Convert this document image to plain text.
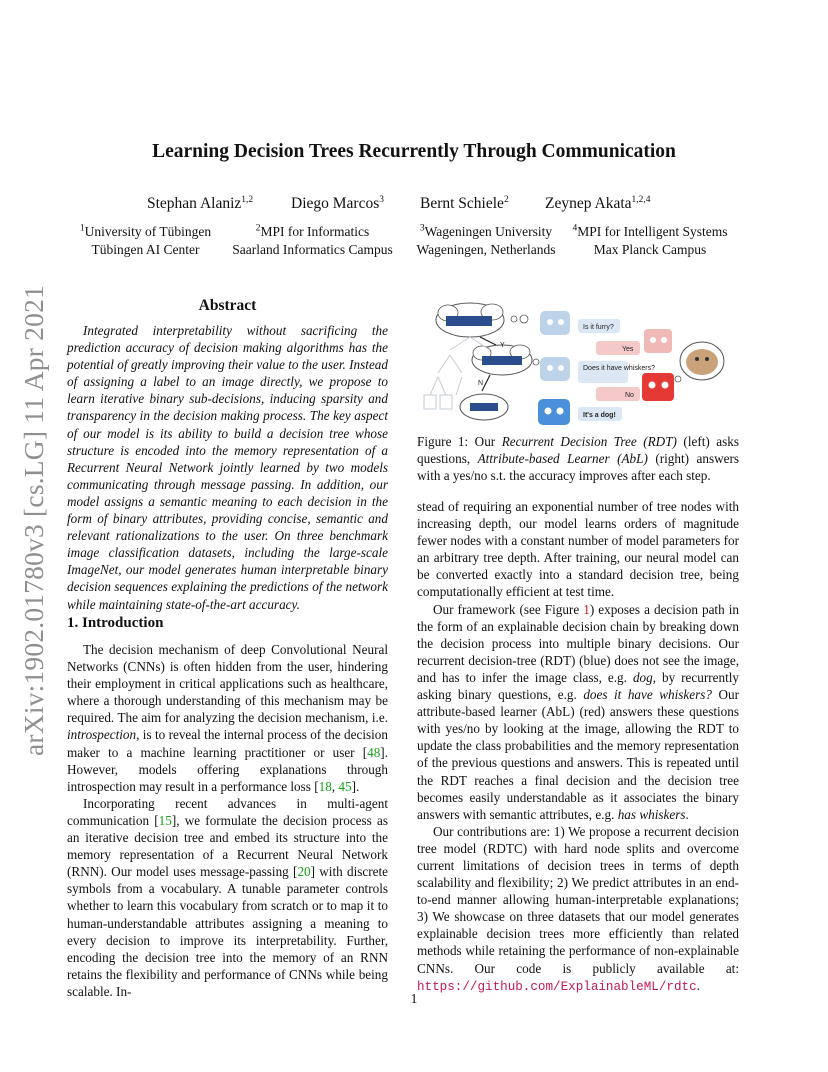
arXiv:1902.01780v3 [cs.LG] 11 Apr 2021
Learning Decision Trees Recurrently Through Communication
Stephan Alaniz$^{1,2}$ Diego Marcos$^3$ Bernt Schiele$^2$ Zeynep Akata$^{1,2,4}$
$^1$University of Tübingen
Tübingen AI Center
$^2$MPI for Informatics
Saarland Informatics Campus
$^3$Wageningen University
Wageningen, Netherlands
$^4$MPI for Intelligent Systems
Max Planck Campus
Abstract

Integrated interpretability without sacrificing the prediction accuracy of decision making algorithms has the potential of greatly improving their value to the user. Instead of assigning a label to an image directly, we propose to learn iterative binary sub-decisions, inducing sparsity and transparency in the decision making process. The key aspect of our model is its ability to build a decision tree whose structure is encoded into the memory representation of a Recurrent Neural Network jointly learned by two models communicating through message passing. In addition, our model assigns a semantic meaning to each decision in the form of binary attributes, providing concise, semantic and relevant rationalizations to the user. On three benchmark image classification datasets, including the large-scale ImageNet, our model generates human interpretable binary decision sequences explaining the predictions of the network while maintaining state-of-the-art accuracy.

1. Introduction

The decision mechanism of deep Convolutional Neural Networks (CNNs) is often hidden from the user, hindering their employment in critical applications such as healthcare, where a thorough understanding of this mechanism may be required. The aim for analyzing the decision mechanism, i.e. introspection, is to reveal the internal process of the decision maker to a machine learning practitioner or user [48]. However, models offering explanations through introspection may result in a performance loss [18, 45].

Incorporating recent advances in multi-agent communication [15], we formulate the decision process as an iterative decision tree and embed its structure into the memory representation of a Recurrent Neural Network (RNN). Our model uses message-passing [20] with discrete symbols from a vocabulary. A tunable parameter controls whether to learn this vocabulary from scratch or to map it to human-understandable attributes assigning a meaning to every decision to improve its interpretability. Further, encoding the decision tree into the memory of an RNN retains the flexibility and performance of CNNs while being scalable. In-

Y
N
Is it furry?
Yes
Does it have whiskers?
No
It's a dog!
Figure 1: Our Recurrent Decision Tree (RDT) (left) asks questions, Attribute-based Learner (AbL) (right) answers with a yes/no s.t. the accuracy improves after each step.

stead of requiring an exponential number of tree nodes with increasing depth, our model learns orders of magnitude fewer nodes with a constant number of model parameters for an arbitrary tree depth. After training, our neural model can be converted exactly into a standard decision tree, being computationally efficient at test time.

Our framework (see Figure 1) exposes a decision path in the form of an explainable decision chain by breaking down the decision process into multiple binary decisions. Our recurrent decision-tree (RDT) (blue) does not see the image, and has to infer the image class, e.g. dog, by recurrently asking binary questions, e.g. does it have whiskers? Our attribute-based learner (AbL) (red) answers these questions with yes/no by looking at the image, allowing the RDT to update the class probabilities and the memory representation of the previous questions and answers. This is repeated until the RDT reaches a final decision and the decision tree becomes easily understandable as it associates the binary answers with semantic attributes, e.g. has whiskers.

Our contributions are: 1) We propose a recurrent decision tree model (RDTC) with hard node splits and overcome current limitations of decision trees in terms of depth scalability and flexibility; 2) We predict attributes in an end-to-end manner allowing human-interpretable explanations; 3) We showcase on three datasets that our model generates explainable decision trees more efficiently than related methods while retaining the performance of non-explainable CNNs. Our code is publicly available at: https://github.com/ExplainableML/rdtc.

1
